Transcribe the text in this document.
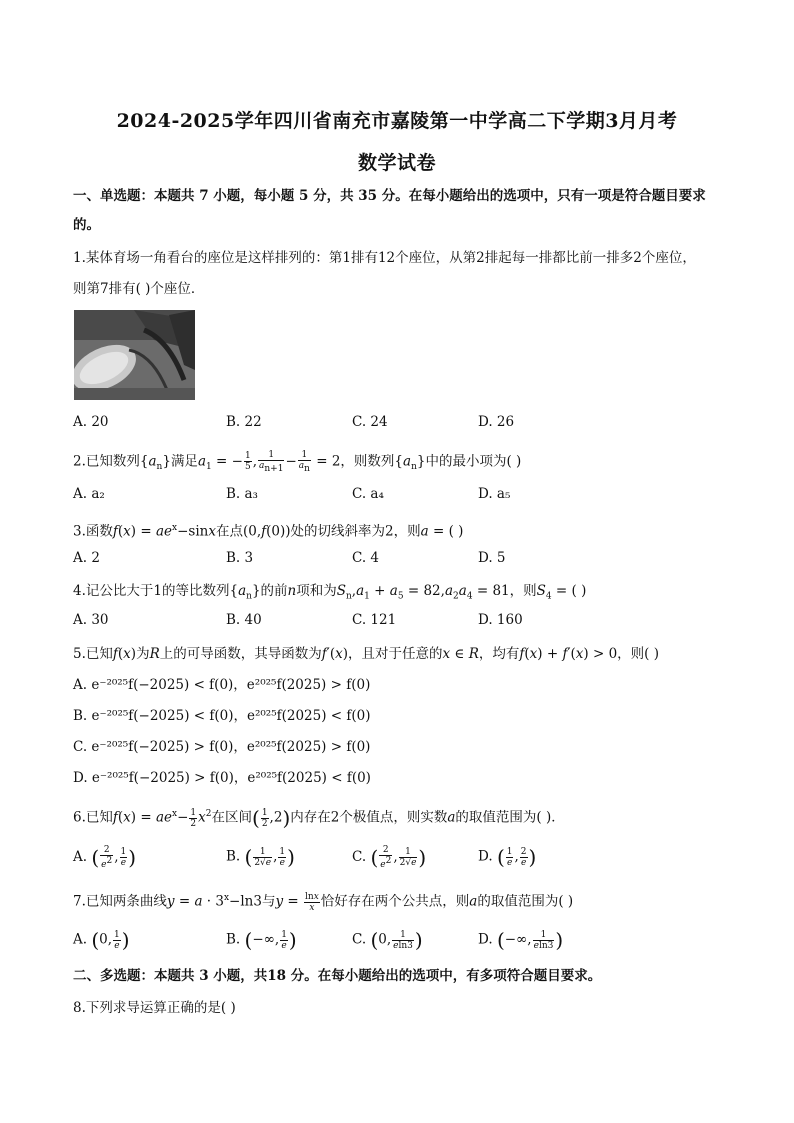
2024-2025学年四川省南充市嘉陵第一中学高二下学期3月月考
数学试卷
一、单选题：本题共 7 小题，每小题 5 分，共 35 分。在每小题给出的选项中，只有一项是符合题目要求
的。
1.某体育场一角看台的座位是这样排列的：第1排有12个座位，从第2排起每一排都比前一排多2个座位，
则第7排有( )个座位．
A. 20	B. 22	C. 24	D. 26
2.已知数列$\{a_n\}$满足$a_1$ = − $\frac{1}{5}$ , $\frac{1}{a_{n+1}} - \frac{1}{a_n} = 2$，则数列$\{a_n\}$中的最小项为( )
A. a₂	B. a₃	C. a₄	D. a₅
3.函数$f(x) = ae^x-\sin x$在点(0,f(0))处的切线斜率为2，则a = ( )
A. 2	B. 3	C. 4	D. 5
4.记公比大于1的等比数列$\{a_n\}$的前n项和为$S_n,a_1 + a_5 = 82,a_2a_4 = 81$，则$S_4$ = ( )
A. 30	B. 40	C. 121	D. 160
5.已知f(x)为R上的可导函数，其导函数为f′(x)，且对于任意的x ∈ R，均有f(x) + f′(x) > 0，则( )
A. e⁻²⁰²⁵f(−2025) < f(0)，e²⁰²⁵f(2025) > f(0)
B. e⁻²⁰²⁵f(−2025) < f(0)，e²⁰²⁵f(2025) < f(0)
C. e⁻²⁰²⁵f(−2025) > f(0)，e²⁰²⁵f(2025) > f(0)
D. e⁻²⁰²⁵f(−2025) > f(0)，e²⁰²⁵f(2025) < f(0)
6.已知$f(x) = ae^x- \frac{1}{2} x^2$在区间( $\frac{1}{2} ,2$)内存在2个极值点，则实数a的取值范围为( )．
A. ( $\frac{2}{e^2}$ , $\frac{1}{e}$ )	B. ( $\frac{1}{2√e}$ , $\frac{1}{e}$ )	C. ( $\frac{2}{e^2}$ , $\frac{1}{2√e}$ )	D. ( $\frac{1}{e}$ , $\frac{2}{e}$ )
7.已知两条曲线$y = a \cdot 3^x-\ln 3$与$y = \frac{\ln x}{x}$ 恰好存在两个公共点，则a的取值范围为( )
A. (0, $\frac{1}{e}$ )	B. (−∞, $\frac{1}{e}$ )	C. (0, $\frac{1}{eln3}$ )	D. (−∞, $\frac{1}{eln3}$ )
二、多选题：本题共 3 小题，共18 分。在每小题给出的选项中，有多项符合题目要求。
8.下列求导运算正确的是( )
